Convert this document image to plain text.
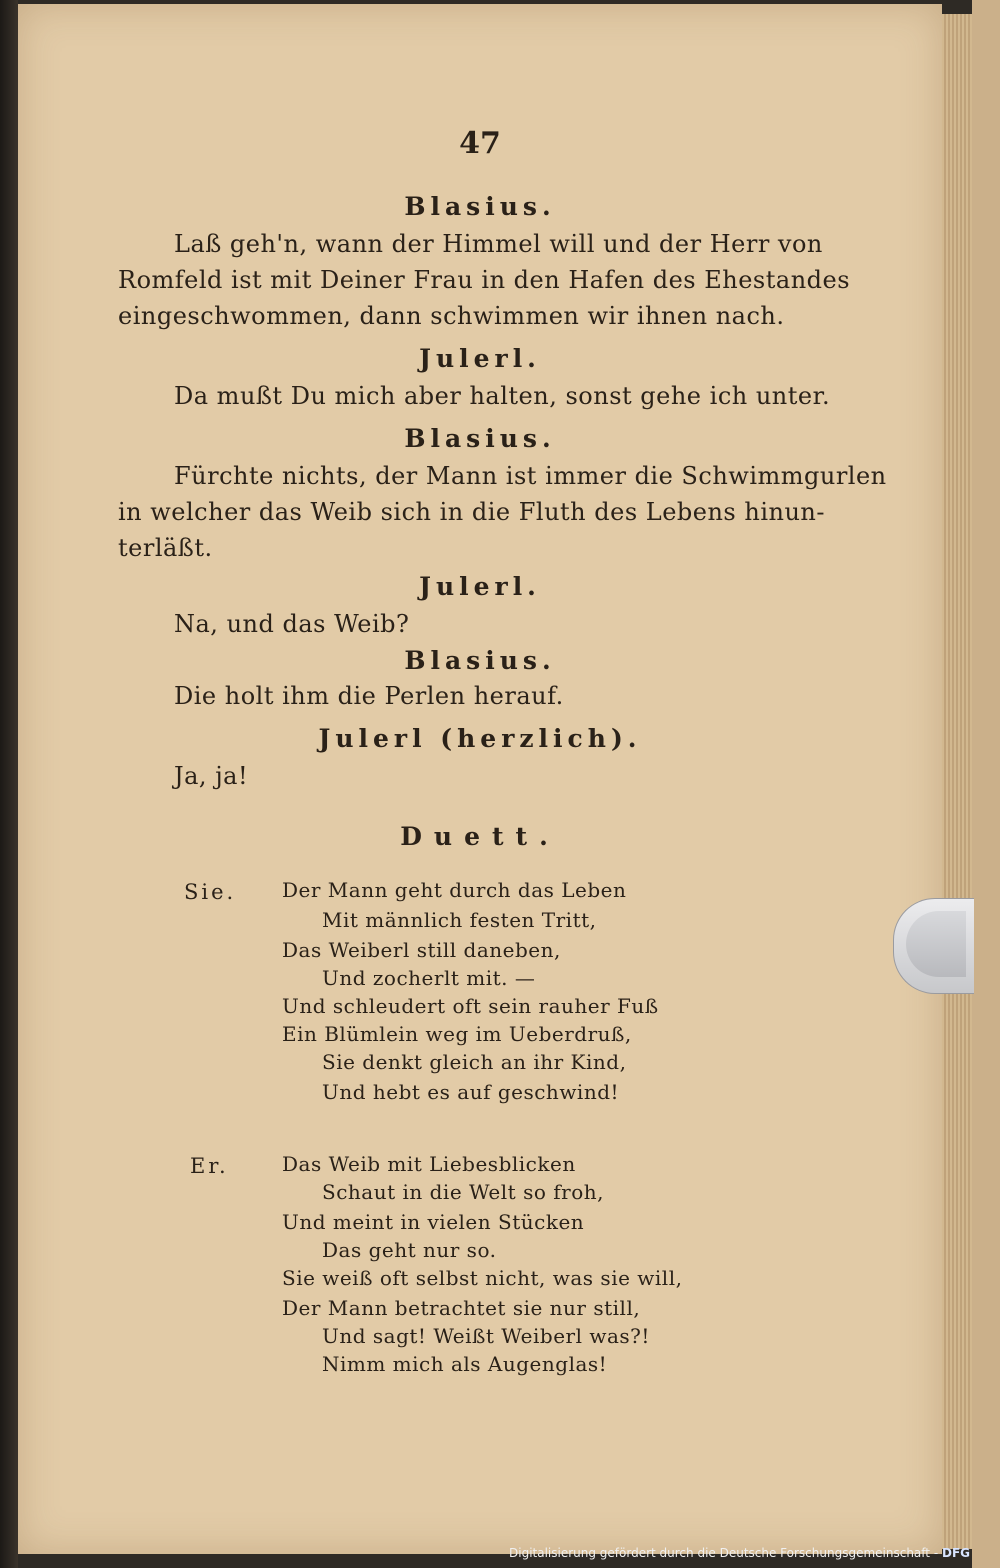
47
Blasius.
Laß geh'n, wann der Himmel will und der Herr von
Romfeld ist mit Deiner Frau in den Hafen des Ehestandes
eingeschwommen, dann schwimmen wir ihnen nach.
Julerl.
Da mußt Du mich aber halten, sonst gehe ich unter.
Blasius.
Fürchte nichts, der Mann ist immer die Schwimmgurlen
in welcher das Weib sich in die Fluth des Lebens hinun-
terläßt.
Julerl.
Na, und das Weib?
Blasius.
Die holt ihm die Perlen herauf.
Julerl (herzlich).
Ja, ja!
Duett.
Sie. Der Mann geht durch das Leben
Mit männlich festen Tritt,
Das Weiberl still daneben,
Und zocherlt mit. —
Und schleudert oft sein rauher Fuß
Ein Blümlein weg im Ueberdruß,
Sie denkt gleich an ihr Kind,
Und hebt es auf geschwind!
Er.	Das Weib mit Liebesblicken
Schaut in die Welt so froh,
Und meint in vielen Stücken
Das geht nur so.
Sie weiß oft selbst nicht, was sie will,
Der Mann betrachtet sie nur still,
Und sagt! Weißt Weiberl was?!
Nimm mich als Augenglas!
Digitalisierung gefördert durch die Deutsche Forschungsgemeinschaft - DFG
